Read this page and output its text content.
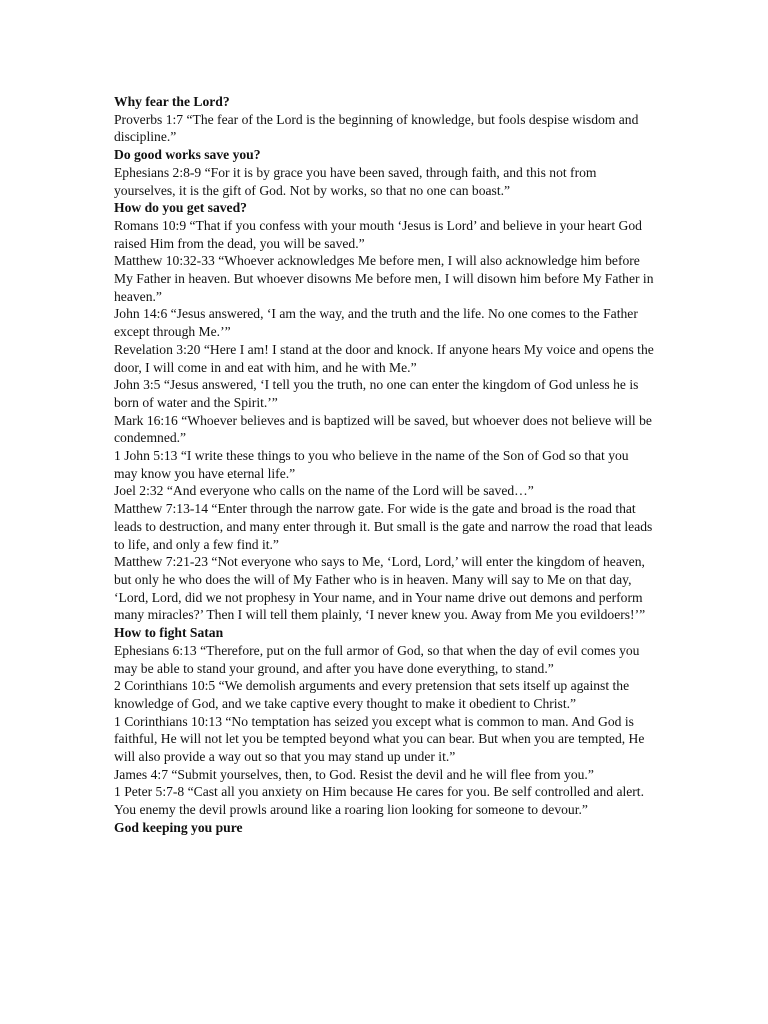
Why fear the Lord?

Proverbs 1:7 “The fear of the Lord is the beginning of knowledge, but fools despise wisdom and discipline.”

Do good works save you?

Ephesians 2:8-9 “For it is by grace you have been saved, through faith, and this not from yourselves, it is the gift of God. Not by works, so that no one can boast.”

How do you get saved?

Romans 10:9 “That if you confess with your mouth ‘Jesus is Lord’ and believe in your heart God raised Him from the dead, you will be saved.”

Matthew 10:32-33 “Whoever acknowledges Me before men, I will also acknowledge him before My Father in heaven. But whoever disowns Me before men, I will disown him before My Father in heaven.”

John 14:6 “Jesus answered, ‘I am the way, and the truth and the life. No one comes to the Father except through Me.’”

Revelation 3:20 “Here I am! I stand at the door and knock. If anyone hears My voice and opens the door, I will come in and eat with him, and he with Me.”

John 3:5 “Jesus answered, ‘I tell you the truth, no one can enter the kingdom of God unless he is born of water and the Spirit.’”

Mark 16:16 “Whoever believes and is baptized will be saved, but whoever does not believe will be condemned.”

1 John 5:13 “I write these things to you who believe in the name of the Son of God so that you may know you have eternal life.”

Joel 2:32 “And everyone who calls on the name of the Lord will be saved…”

Matthew 7:13-14 “Enter through the narrow gate. For wide is the gate and broad is the road that leads to destruction, and many enter through it. But small is the gate and narrow the road that leads to life, and only a few find it.”

Matthew 7:21-23 “Not everyone who says to Me, ‘Lord, Lord,’ will enter the kingdom of heaven, but only he who does the will of My Father who is in heaven. Many will say to Me on that day, ‘Lord, Lord, did we not prophesy in Your name, and in Your name drive out demons and perform many miracles?’ Then I will tell them plainly, ‘I never knew you. Away from Me you evildoers!’”

How to fight Satan

Ephesians 6:13 “Therefore, put on the full armor of God, so that when the day of evil comes you may be able to stand your ground, and after you have done everything, to stand.”

2 Corinthians 10:5 “We demolish arguments and every pretension that sets itself up against the knowledge of God, and we take captive every thought to make it obedient to Christ.”

1 Corinthians 10:13 “No temptation has seized you except what is common to man. And God is faithful, He will not let you be tempted beyond what you can bear. But when you are tempted, He will also provide a way out so that you may stand up under it.”

James 4:7 “Submit yourselves, then, to God. Resist the devil and he will flee from you.”

1 Peter 5:7-8 “Cast all you anxiety on Him because He cares for you. Be self controlled and alert. You enemy the devil prowls around like a roaring lion looking for someone to devour.”

God keeping you pure
